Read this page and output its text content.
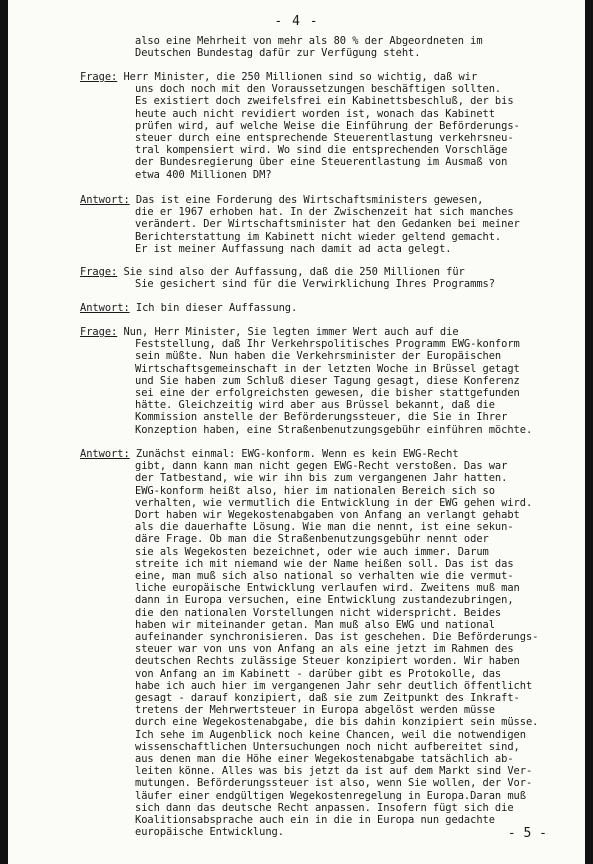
- 4 -
also eine Mehrheit von mehr als 80 % der Abgeordneten im
Deutschen Bundestag dafür zur Verfügung steht.
Frage: Herr Minister, die 250 Millionen sind so wichtig, daß wir
uns doch noch mit den Voraussetzungen beschäftigen sollten.
Es existiert doch zweifelsfrei ein Kabinettsbeschluß, der bis
heute auch nicht revidiert worden ist, wonach das Kabinett
prüfen wird, auf welche Weise die Einführung der Beförderungs-
steuer durch eine entsprechende Steuerentlastung verkehrsneu-
tral kompensiert wird. Wo sind die entsprechenden Vorschläge
der Bundesregierung über eine Steuerentlastung im Ausmaß von
etwa 400 Millionen DM?
Antwort: Das ist eine Forderung des Wirtschaftsministers gewesen,
die er 1967 erhoben hat. In der Zwischenzeit hat sich manches
verändert. Der Wirtschaftsminister hat den Gedanken bei meiner
Berichterstattung im Kabinett nicht wieder geltend gemacht.
Er ist meiner Auffassung nach damit ad acta gelegt.
Frage: Sie sind also der Auffassung, daß die 250 Millionen für
Sie gesichert sind für die Verwirklichung Ihres Programms?
Antwort: Ich bin dieser Auffassung.
Frage: Nun, Herr Minister, Sie legten immer Wert auch auf die
Feststellung, daß Ihr Verkehrspolitisches Programm EWG-konform
sein müßte. Nun haben die Verkehrsminister der Europäischen
Wirtschaftsgemeinschaft in der letzten Woche in Brüssel getagt
und Sie haben zum Schluß dieser Tagung gesagt, diese Konferenz
sei eine der erfolgreichsten gewesen, die bisher stattgefunden
hätte. Gleichzeitig wird aber aus Brüssel bekannt, daß die
Kommission anstelle der Beförderungssteuer, die Sie in Ihrer
Konzeption haben, eine Straßenbenutzungsgebühr einführen möchte.
Antwort: Zunächst einmal: EWG-konform. Wenn es kein EWG-Recht
gibt, dann kann man nicht gegen EWG-Recht verstoßen. Das war
der Tatbestand, wie wir ihn bis zum vergangenen Jahr hatten.
EWG-konform heißt also, hier im nationalen Bereich sich so
verhalten, wie vermutlich die Entwicklung in der EWG gehen wird.
Dort haben wir Wegekostenabgaben von Anfang an verlangt gehabt
als die dauerhafte Lösung. Wie man die nennt, ist eine sekun-
däre Frage. Ob man die Straßenbenutzungsgebühr nennt oder
sie als Wegekosten bezeichnet, oder wie auch immer. Darum
streite ich mit niemand wie der Name heißen soll. Das ist das
eine, man muß sich also national so verhalten wie die vermut-
liche europäische Entwicklung verlaufen wird. Zweitens muß man
dann in Europa versuchen, eine Entwicklung zustandezubringen,
die den nationalen Vorstellungen nicht widerspricht. Beides
haben wir miteinander getan. Man muß also EWG und national
aufeinander synchronisieren. Das ist geschehen. Die Beförderungs-
steuer war von uns von Anfang an als eine jetzt im Rahmen des
deutschen Rechts zulässige Steuer konzipiert worden. Wir haben
von Anfang an im Kabinett - darüber gibt es Protokolle, das
habe ich auch hier im vergangenen Jahr sehr deutlich öffentlicht
gesagt - darauf konzipiert, daß sie zum Zeitpunkt des Inkraft-
tretens der Mehrwertsteuer in Europa abgelöst werden müsse
durch eine Wegekostenabgabe, die bis dahin konzipiert sein müsse.
Ich sehe im Augenblick noch keine Chancen, weil die notwendigen
wissenschaftlichen Untersuchungen noch nicht aufbereitet sind,
aus denen man die Höhe einer Wegekostenabgabe tatsächlich ab-
leiten könne. Alles was bis jetzt da ist auf dem Markt sind Ver-
mutungen. Beförderungssteuer ist also, wenn Sie wollen, der Vor-
läufer einer endgültigen Wegekostenregelung in Europa.Daran muß
sich dann das deutsche Recht anpassen. Insofern fügt sich die
Koalitionsabsprache auch ein in die in Europa nun gedachte
europäische Entwicklung.	- 5 -
